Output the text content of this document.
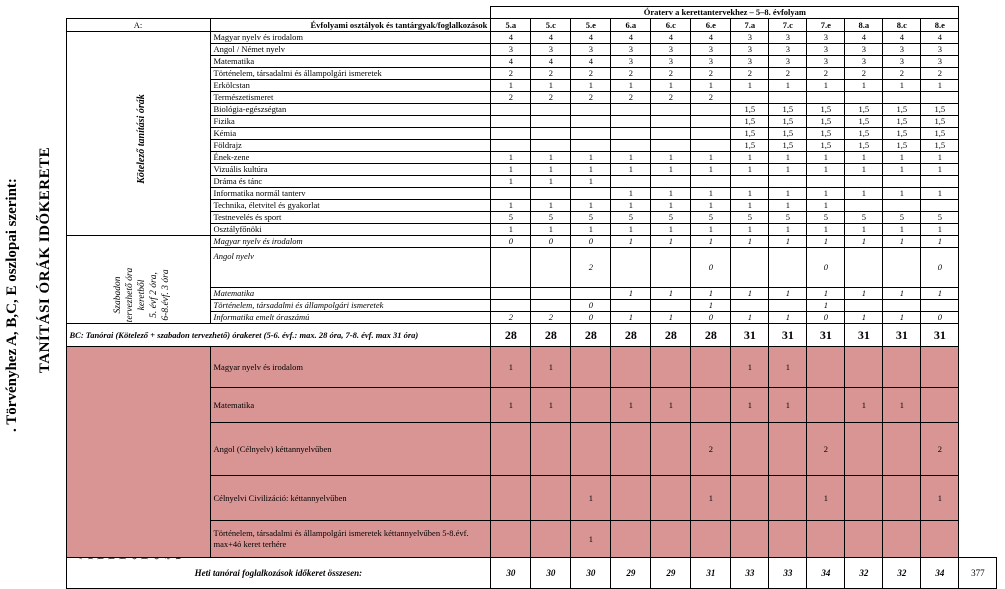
. Törvényhez A, B,C, E oszlopai szerint:	TANÍTÁSI ÓRÁK IDŐKERETE
Kötelező tanítási órák
Szabadon tervezhető óra keretből 5. évf 2 óra, 6-8.évf. 3 óra
			Óraterv a kerettantervekhez – 5–8. évfolyam												
	A:	Évfolyami osztályok és tantárgyak/foglalkozások	5.a	5.c	5.e	6.a	6.c	6.e	7.a	7.c	7.e	8.a	8.c	8.e	
		Magyar nyelv és irodalom	4	4	4	4	4	4	3	3	3	4	4	4	
		Angol / Német nyelv	3	3	3	3	3	3	3	3	3	3	3	3	
		Matematika	4	4	4	3	3	3	3	3	3	3	3	3	
		Történelem, társadalmi és állampolgári ismeretek	2	2	2	2	2	2	2	2	2	2	2	2	
		Erkölcstan	1	1	1	1	1	1	1	1	1	1	1	1	
		Természetismeret	2	2	2	2	2	2							
		Biológia-egészségtan							1,5	1,5	1,5	1,5	1,5	1,5	
		Fizika							1,5	1,5	1,5	1,5	1,5	1,5	
		Kémia							1,5	1,5	1,5	1,5	1,5	1,5	
		Földrajz							1,5	1,5	1,5	1,5	1,5	1,5	
		Ének-zene	1	1	1	1	1	1	1	1	1	1	1	1	
		Vizuális kultúra	1	1	1	1	1	1	1	1	1	1	1	1	
		Dráma és tánc	1	1	1										
		Informatika normál tanterv				1	1	1	1	1	1	1	1	1	
		Technika, életvitel és gyakorlat	1	1	1	1	1	1	1	1	1				
		Testnevelés és sport	5	5	5	5	5	5	5	5	5	5	5	5	
		Osztályfőnöki	1	1	1	1	1	1	1	1	1	1	1	1	
		Magyar nyelv és irodalom	0	0	0	1	1	1	1	1	1	1	1	1	
		Angol nyelv			2			0			0			0	
		Matematika				1	1	1	1	1	1	1	1	1	
		Történelem, társadalmi és állampolgári ismeretek			0			1			1				
		Informatika emelt óraszámú	2	2	0	1	1	0	1	1	0	1	1	0	
	BC: Tanórai (Kötelező + szabadon tervezhető) órakeret (5-6. évf.: max. 28 óra, 7-8. évf. max 31 óra)		28	28	28	28	28	28	31	31	31	31	31	31	
		Magyar nyelv és irodalom	1	1					1	1					
		Matematika	1	1		1	1		1	1		1	1		
		Angol (Célnyelv) kéttannyelvűben						2			2			2	
		Célnyelvi Civilizáció: kéttannyelvűben			1			1			1			1	
		Történelem, társadalmi és állampolgári ismeretek kéttannyelvűben 5-8.évf. max+4ó keret terhére			1										
	Heti tanórai foglalkozások időkeret összesen:		30	30	30	29	29	31	33	33	34	32	32	34	377
